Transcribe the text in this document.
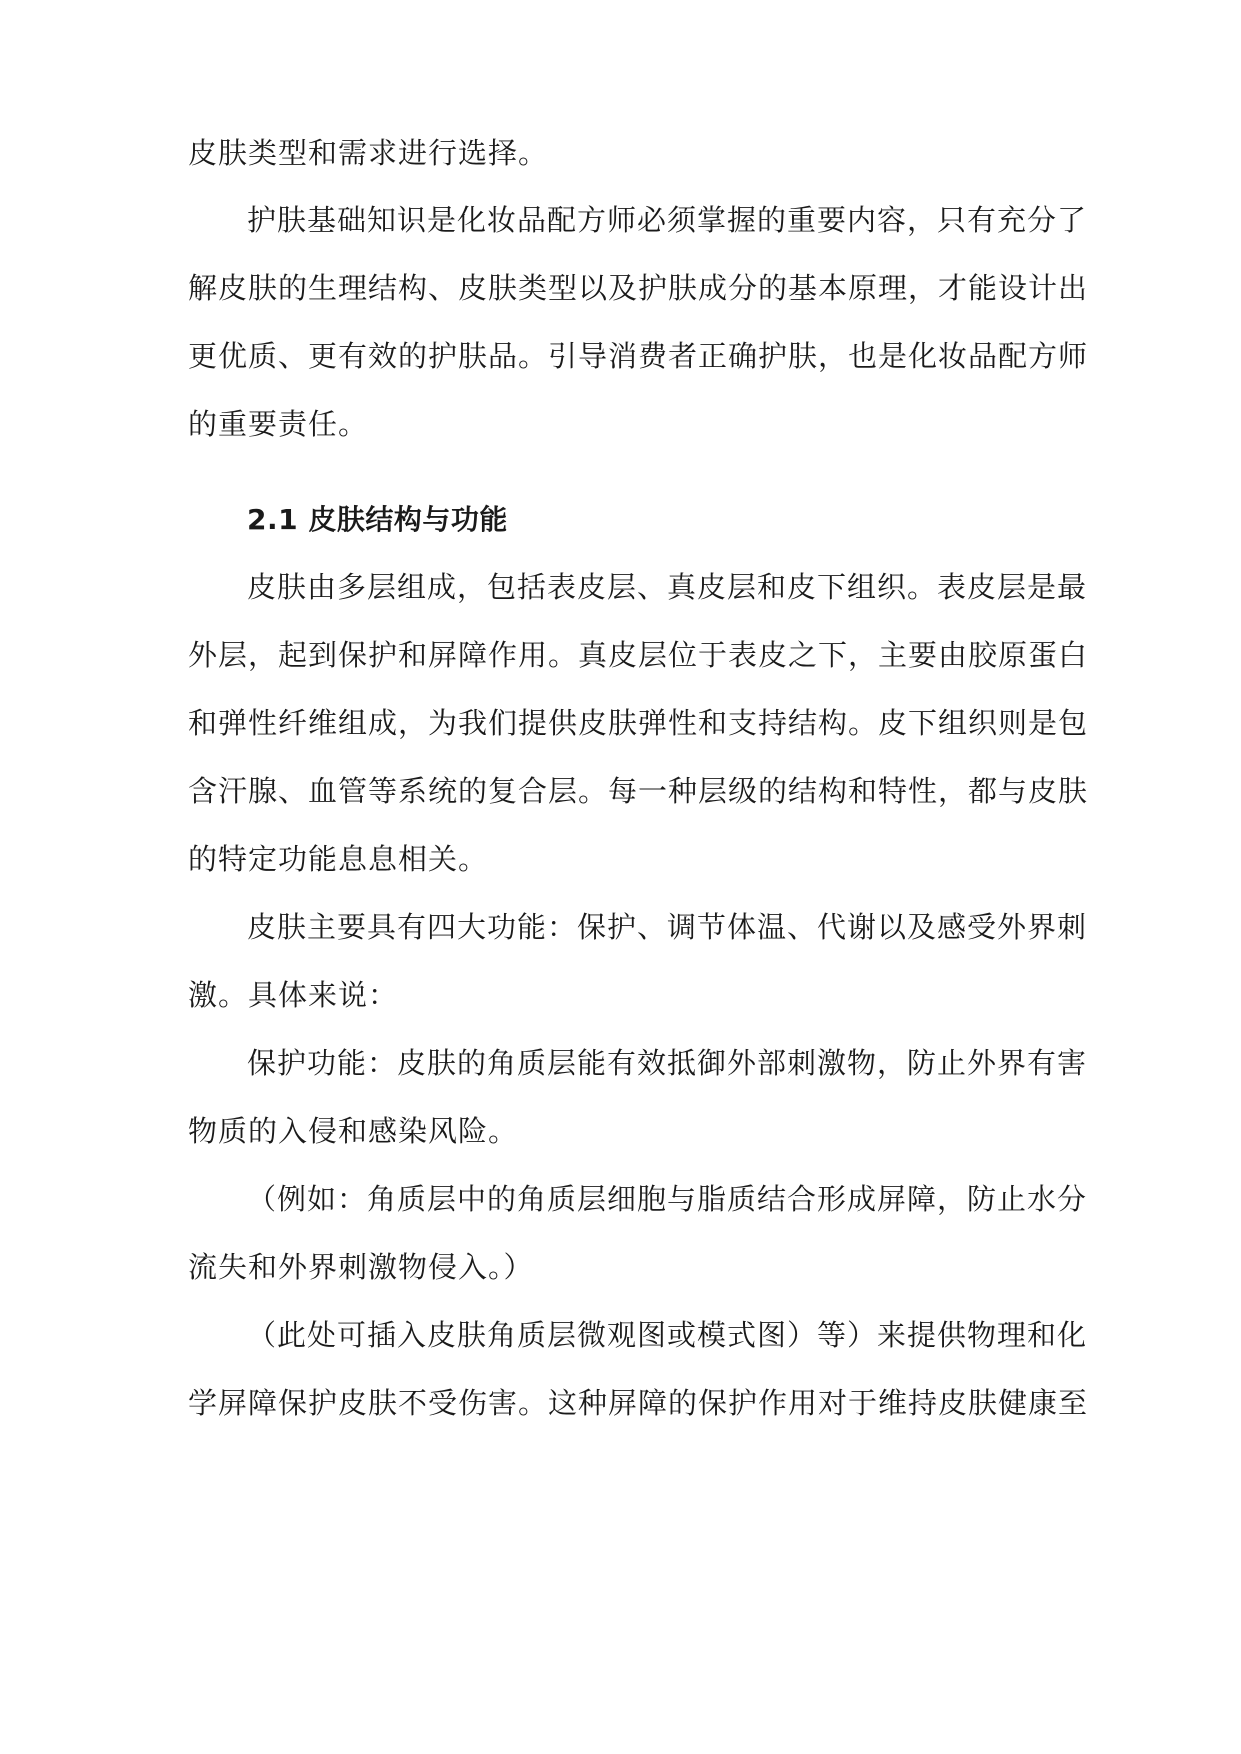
皮肤类型和需求进行选择。
护肤基础知识是化妆品配方师必须掌握的重要内容，只有充分了
解皮肤的生理结构、皮肤类型以及护肤成分的基本原理，才能设计出
更优质、更有效的护肤品。引导消费者正确护肤，也是化妆品配方师
的重要责任。
2.1 皮肤结构与功能
皮肤由多层组成，包括表皮层、真皮层和皮下组织。表皮层是最
外层，起到保护和屏障作用。真皮层位于表皮之下，主要由胶原蛋白
和弹性纤维组成，为我们提供皮肤弹性和支持结构。皮下组织则是包
含汗腺、血管等系统的复合层。每一种层级的结构和特性，都与皮肤
的特定功能息息相关。
皮肤主要具有四大功能：保护、调节体温、代谢以及感受外界刺
激。具体来说：
保护功能：皮肤的角质层能有效抵御外部刺激物，防止外界有害
物质的入侵和感染风险。
（例如：角质层中的角质层细胞与脂质结合形成屏障，防止水分
流失和外界刺激物侵入。）
（此处可插入皮肤角质层微观图或模式图）等）来提供物理和化
学屏障保护皮肤不受伤害。这种屏障的保护作用对于维持皮肤健康至
